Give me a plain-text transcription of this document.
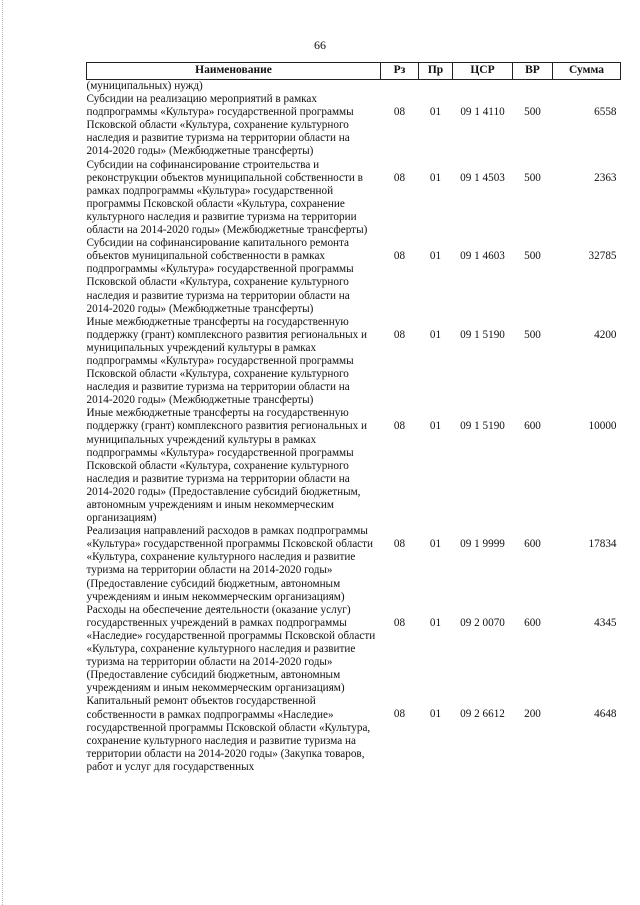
66
Наименование	Рз	Пр	ЦСР	ВР	Сумма
(муниципальных) нужд)					
Субсидии на реализацию мероприятий в рамках подпрограммы «Культура» государственной программы Псковской области «Культура, сохранение культурного наследия и развитие туризма на территории области на 2014-2020 годы» (Межбюджетные трансферты)	08	01	09 1 4110	500	6558
Субсидии на софинансирование строительства и реконструкции объектов муниципальной собственности в рамках подпрограммы «Культура» государственной программы Псковской области «Культура, сохранение культурного наследия и развитие туризма на территории области на 2014-2020 годы» (Межбюджетные трансферты)	08	01	09 1 4503	500	2363
Субсидии на софинансирование капитального ремонта объектов муниципальной собственности в рамках подпрограммы «Культура» государственной программы Псковской области «Культура, сохранение культурного наследия и развитие туризма на территории области на 2014-2020 годы» (Межбюджетные трансферты)	08	01	09 1 4603	500	32785
Иные межбюджетные трансферты на государственную поддержку (грант) комплексного развития региональных и муниципальных учреждений культуры в рамках подпрограммы «Культура» государственной программы Псковской области «Культура, сохранение культурного наследия и развитие туризма на территории области на 2014-2020 годы» (Межбюджетные трансферты)	08	01	09 1 5190	500	4200
Иные межбюджетные трансферты на государственную поддержку (грант) комплексного развития региональных и муниципальных учреждений культуры в рамках подпрограммы «Культура» государственной программы Псковской области «Культура, сохранение культурного наследия и развитие туризма на территории области на 2014-2020 годы» (Предоставление субсидий бюджетным, автономным учреждениям и иным некоммерческим организациям)	08	01	09 1 5190	600	10000
Реализация направлений расходов в рамках подпрограммы «Культура» государственной программы Псковской области «Культура, сохранение культурного наследия и развитие туризма на территории области на 2014-2020 годы» (Предоставление субсидий бюджетным, автономным учреждениям и иным некоммерческим организациям)	08	01	09 1 9999	600	17834
Расходы на обеспечение деятельности (оказание услуг) государственных учреждений в рамках подпрограммы «Наследие» государственной программы Псковской области «Культура, сохранение культурного наследия и развитие туризма на территории области на 2014-2020 годы» (Предоставление субсидий бюджетным, автономным учреждениям и иным некоммерческим организациям)	08	01	09 2 0070	600	4345
Капитальный ремонт объектов государственной собственности в рамках подпрограммы «Наследие» государственной программы Псковской области «Культура, сохранение культурного наследия и развитие туризма на территории области на 2014-2020 годы» (Закупка товаров, работ и услуг для государственных	08	01	09 2 6612	200	4648
